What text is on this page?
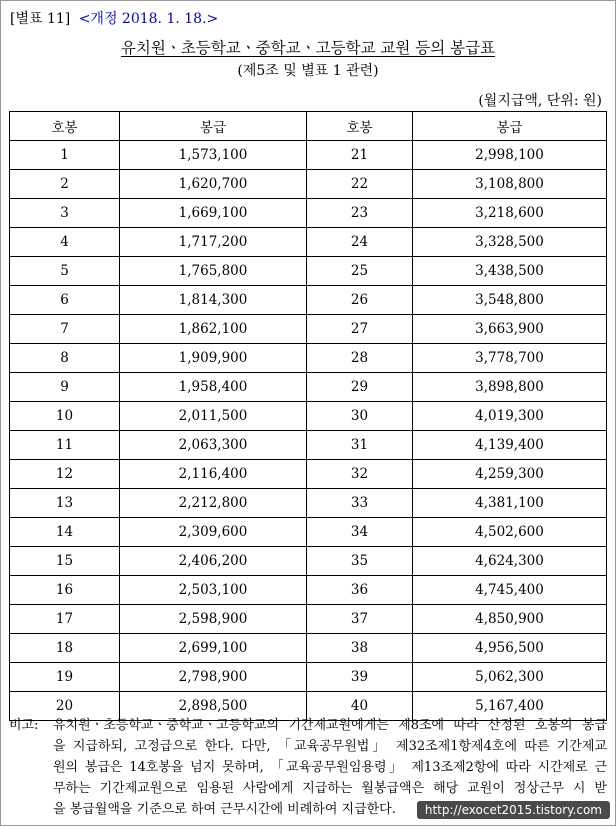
[별표 11] <개정 2018. 1. 18.>
유치원ㆍ초등학교ㆍ중학교ㆍ고등학교 교원 등의 봉급표
(제5조 및 별표 1 관련)
(월지급액, 단위: 원)
호봉	봉급	호봉	봉급
1	1,573,100	21	2,998,100
2	1,620,700	22	3,108,800
3	1,669,100	23	3,218,600
4	1,717,200	24	3,328,500
5	1,765,800	25	3,438,500
6	1,814,300	26	3,548,800
7	1,862,100	27	3,663,900
8	1,909,900	28	3,778,700
9	1,958,400	29	3,898,800
10	2,011,500	30	4,019,300
11	2,063,300	31	4,139,400
12	2,116,400	32	4,259,300
13	2,212,800	33	4,381,100
14	2,309,600	34	4,502,600
15	2,406,200	35	4,624,300
16	2,503,100	36	4,745,400
17	2,598,900	37	4,850,900
18	2,699,100	38	4,956,500
19	2,798,900	39	5,062,300
20	2,898,500	40	5,167,400
비고: 유치원ㆍ초등학교ㆍ중학교ㆍ고등학교의 기간제교원에게는 제8조에 따라 산정된 호봉의 봉급
을 지급하되, 고정급으로 한다. 다만, 「교육공무원법」 제32조제1항제4호에 따른 기간제교
원의 봉급은 14호봉을 넘지 못하며, 「교육공무원임용령」 제13조제2항에 따라 시간제로 근
무하는 기간제교원으로 임용된 사람에게 지급하는 월봉급액은 해당 교원이 정상근무 시 받
을 봉급월액을 기준으로 하여 근무시간에 비례하여 지급한다.	http://exocet2015.tistory.com
